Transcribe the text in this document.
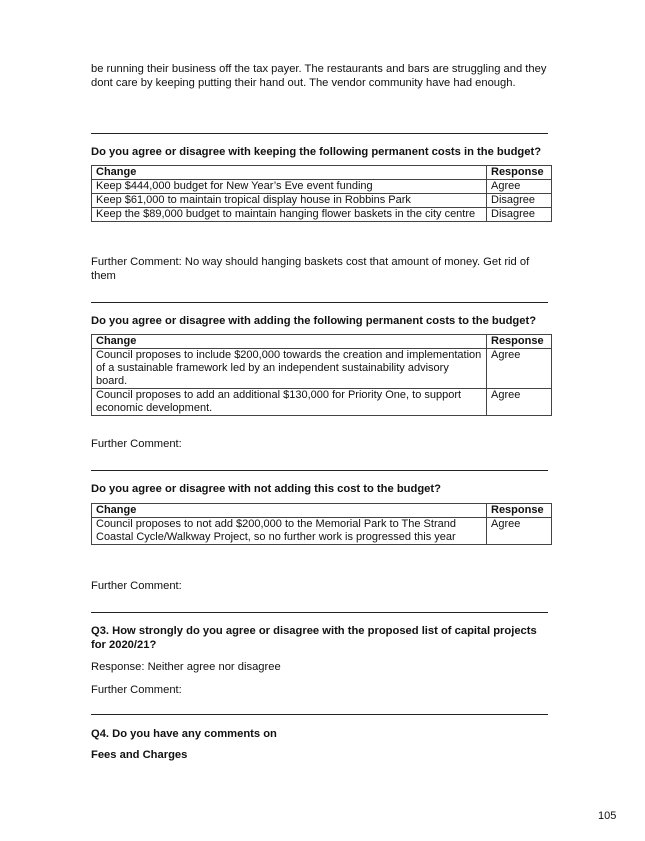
be running their business off the tax payer. The restaurants and bars are struggling and they dont care by keeping putting their hand out. The vendor community have had enough.

Do you agree or disagree with keeping the following permanent costs in the budget?

Change	Response
Keep $444,000 budget for New Year’s Eve event funding	Agree
Keep $61,000 to maintain tropical display house in Robbins Park	Disagree
Keep the $89,000 budget to maintain hanging flower baskets in the city centre	Disagree

Further Comment: No way should hanging baskets cost that amount of money. Get rid of them

Do you agree or disagree with adding the following permanent costs to the budget?

Change	Response
Council proposes to include $200,000 towards the creation and implementation of a sustainable framework led by an independent sustainability advisory board.	Agree
Council proposes to add an additional $130,000 for Priority One, to support economic development.	Agree

Further Comment:

Do you agree or disagree with not adding this cost to the budget?

Change	Response
Council proposes to not add $200,000 to the Memorial Park to The Strand Coastal Cycle/Walkway Project, so no further work is progressed this year	Agree

Further Comment:

Q3. How strongly do you agree or disagree with the proposed list of capital projects for 2020/21?

Response: Neither agree nor disagree

Further Comment:

Q4. Do you have any comments on

Fees and Charges

105
